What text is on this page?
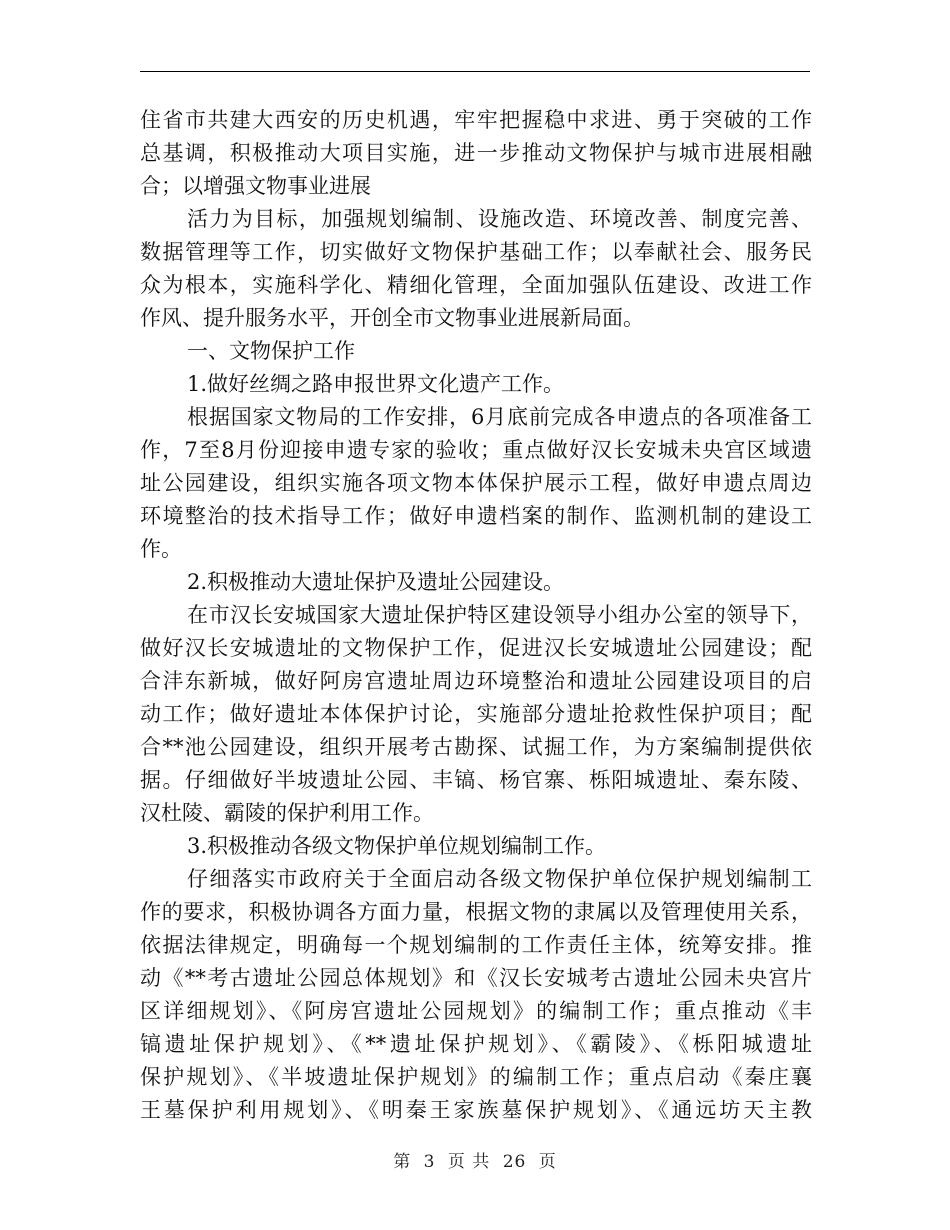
住省市共建大西安的历史机遇，牢牢把握稳中求进、勇于突破的工作
总基调，积极推动大项目实施，进一步推动文物保护与城市进展相融
合；以增强文物事业进展
活力为目标，加强规划编制、设施改造、环境改善、制度完善、
数据管理等工作，切实做好文物保护基础工作；以奉献社会、服务民
众为根本，实施科学化、精细化管理，全面加强队伍建设、改进工作
作风、提升服务水平，开创全市文物事业进展新局面。
一、文物保护工作
1.做好丝绸之路申报世界文化遗产工作。
根据国家文物局的工作安排，6月底前完成各申遗点的各项准备工
作，7至8月份迎接申遗专家的验收；重点做好汉长安城未央宫区域遗
址公园建设，组织实施各项文物本体保护展示工程，做好申遗点周边
环境整治的技术指导工作；做好申遗档案的制作、监测机制的建设工
作。
2.积极推动大遗址保护及遗址公园建设。
在市汉长安城国家大遗址保护特区建设领导小组办公室的领导下，
做好汉长安城遗址的文物保护工作，促进汉长安城遗址公园建设；配
合沣东新城，做好阿房宫遗址周边环境整治和遗址公园建设项目的启
动工作；做好遗址本体保护讨论，实施部分遗址抢救性保护项目；配
合**池公园建设，组织开展考古勘探、试掘工作，为方案编制提供依
据。仔细做好半坡遗址公园、丰镐、杨官寨、栎阳城遗址、秦东陵、
汉杜陵、霸陵的保护利用工作。
3.积极推动各级文物保护单位规划编制工作。
仔细落实市政府关于全面启动各级文物保护单位保护规划编制工
作的要求，积极协调各方面力量，根据文物的隶属以及管理使用关系，
依据法律规定，明确每一个规划编制的工作责任主体，统筹安排。推
动《**考古遗址公园总体规划》和《汉长安城考古遗址公园未央宫片
区详细规划》、《阿房宫遗址公园规划》的编制工作；重点推动《丰
镐遗址保护规划》、《**遗址保护规划》、《霸陵》、《栎阳城遗址
保护规划》、《半坡遗址保护规划》的编制工作；重点启动《秦庄襄
王墓保护利用规划》、《明秦王家族墓保护规划》、《通远坊天主教
第 3 页 共 26 页
